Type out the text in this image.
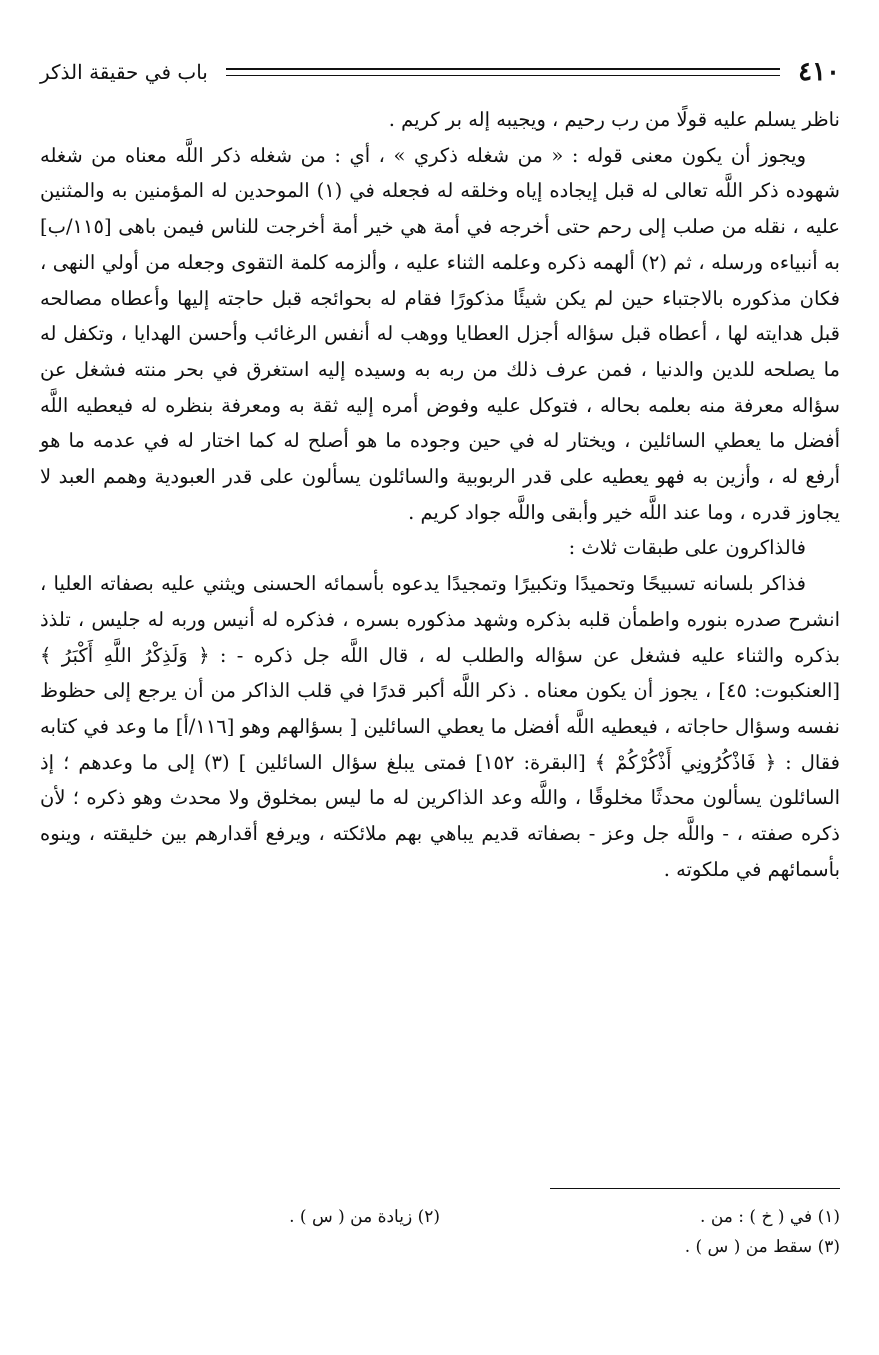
٤١٠
باب في حقيقة الذكر

ناظر يسلم عليه قولًا من رب رحيم ، ويجيبه إله بر كريم .

ويجوز أن يكون معنى قوله : « من شغله ذكري » ، أي : من شغله ذكر اللَّه معناه من شغله شهوده ذكر اللَّه تعالى له قبل إيجاده إياه وخلقه له فجعله في (١) الموحدين له المؤمنين به والمثنين عليه ، نقله من صلب إلى رحم حتى أخرجه في أمة هي خير أمة أخرجت للناس فيمن باهى [١١٥/ب] به أنبياءه ورسله ، ثم (٢) ألهمه ذكره وعلمه الثناء عليه ، وألزمه كلمة التقوى وجعله من أولي النهى ، فكان مذكوره بالاجتباء حين لم يكن شيئًا مذكورًا فقام له بحوائجه قبل حاجته إليها وأعطاه مصالحه قبل هدايته لها ، أعطاه قبل سؤاله أجزل العطايا ووهب له أنفس الرغائب وأحسن الهدايا ، وتكفل له ما يصلحه للدين والدنيا ، فمن عرف ذلك من ربه به وسيده إليه استغرق في بحر منته فشغل عن سؤاله معرفة منه بعلمه بحاله ، فتوكل عليه وفوض أمره إليه ثقة به ومعرفة بنظره له فيعطيه اللَّه أفضل ما يعطي السائلين ، ويختار له في حين وجوده ما هو أصلح له كما اختار له في عدمه ما هو أرفع له ، وأزين به فهو يعطيه على قدر الربوبية والسائلون يسألون على قدر العبودية وهمم العبد لا يجاوز قدره ، وما عند اللَّه خير وأبقى واللَّه جواد كريم .

فالذاكرون على طبقات ثلاث :

فذاكر بلسانه تسبيحًا وتحميدًا وتكبيرًا وتمجيدًا يدعوه بأسمائه الحسنى ويثني عليه بصفاته العليا ، انشرح صدره بنوره واطمأن قلبه بذكره وشهد مذكوره بسره ، فذكره له أنيس وربه له جليس ، تلذذ بذكره والثناء عليه فشغل عن سؤاله والطلب له ، قال اللَّه جل ذكره - : ﴿ وَلَذِكْرُ اللَّهِ أَكْبَرُ ﴾ [العنكبوت: ٤٥] ، يجوز أن يكون معناه . ذكر اللَّه أكبر قدرًا في قلب الذاكر من أن يرجع إلى حظوظ نفسه وسؤال حاجاته ، فيعطيه اللَّه أفضل ما يعطي السائلين [ بسؤالهم وهو [١١٦/أ] ما وعد في كتابه فقال : ﴿ فَاذْكُرُونِي أَذْكُرْكُمْ ﴾ [البقرة: ١٥٢] فمتى يبلغ سؤال السائلين ] (٣) إلى ما وعدهم ؛ إذ السائلون يسألون محدثًا مخلوقًا ، واللَّه وعد الذاكرين له ما ليس بمخلوق ولا محدث وهو ذكره ؛ لأن ذكره صفته ، - واللَّه جل وعز - بصفاته قديم يباهي بهم ملائكته ، ويرفع أقدارهم بين خليقته ، وينوه بأسمائهم في ملكوته .

(١) في ( خ ) : من .
(٢) زيادة من ( س ) .
(٣) سقط من ( س ) .
